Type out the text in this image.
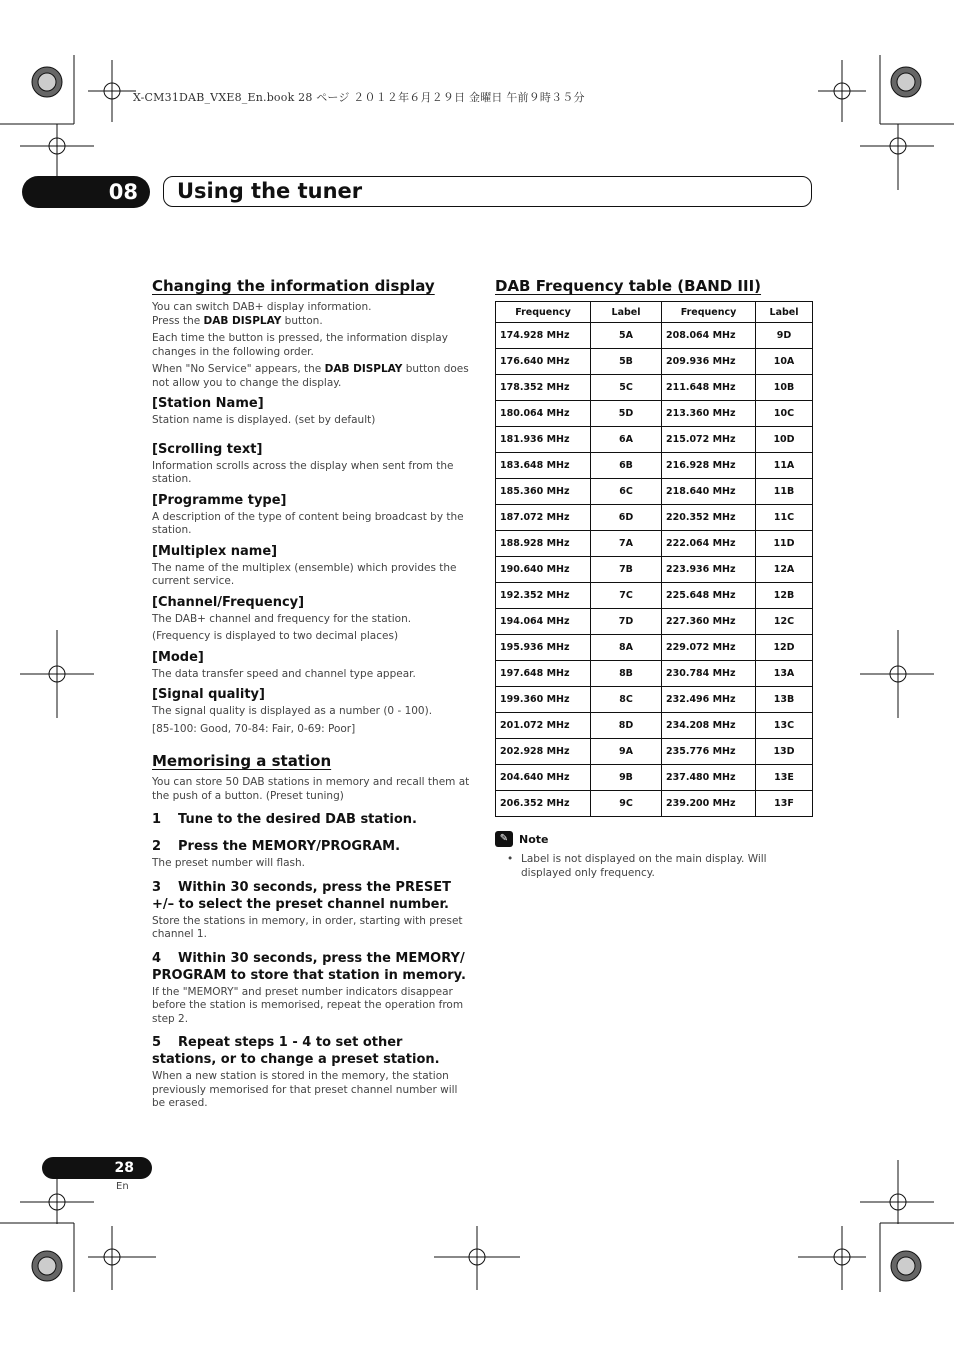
X-CM31DAB_VXE8_En.book 28 ページ ２０１２年６月２９日 金曜日 午前９時３５分
08	Using the tuner
Changing the information display

You can switch DAB+ display information.
Press the DAB DISPLAY button.

Each time the button is pressed, the information display changes in the following order.

When "No Service" appears, the DAB DISPLAY button does not allow you to change the display.

[Station Name]

Station name is displayed. (set by default)

[Scrolling text]

Information scrolls across the display when sent from the station.

[Programme type]

A description of the type of content being broadcast by the station.

[Multiplex name]

The name of the multiplex (ensemble) which provides the current service.

[Channel/Frequency]

The DAB+ channel and frequency for the station.

(Frequency is displayed to two decimal places)

[Mode]

The data transfer speed and channel type appear.

[Signal quality]

The signal quality is displayed as a number (0 - 100).

[85-100: Good, 70-84: Fair, 0-69: Poor]

Memorising a station

You can store 50 DAB stations in memory and recall them at the push of a button. (Preset tuning)

1 Tune to the desired DAB station.
2 Press the MEMORY/PROGRAM.

The preset number will flash.

3 Within 30 seconds, press the PRESET +/– to select the preset channel number.

Store the stations in memory, in order, starting with preset channel 1.

4 Within 30 seconds, press the MEMORY/ PROGRAM to store that station in memory.

If the "MEMORY" and preset number indicators disappear before the station is memorised, repeat the operation from step 2.

5 Repeat steps 1 - 4 to set other stations, or to change a preset station.

When a new station is stored in the memory, the station previously memorised for that preset channel number will be erased.

DAB Frequency table (BAND III)
Frequency	Label	Frequency	Label
174.928 MHz	5A	208.064 MHz	9D
176.640 MHz	5B	209.936 MHz	10A
178.352 MHz	5C	211.648 MHz	10B
180.064 MHz	5D	213.360 MHz	10C
181.936 MHz	6A	215.072 MHz	10D
183.648 MHz	6B	216.928 MHz	11A
185.360 MHz	6C	218.640 MHz	11B
187.072 MHz	6D	220.352 MHz	11C
188.928 MHz	7A	222.064 MHz	11D
190.640 MHz	7B	223.936 MHz	12A
192.352 MHz	7C	225.648 MHz	12B
194.064 MHz	7D	227.360 MHz	12C
195.936 MHz	8A	229.072 MHz	12D
197.648 MHz	8B	230.784 MHz	13A
199.360 MHz	8C	232.496 MHz	13B
201.072 MHz	8D	234.208 MHz	13C
202.928 MHz	9A	235.776 MHz	13D
204.640 MHz	9B	237.480 MHz	13E
206.352 MHz	9C	239.200 MHz	13F
✎ Note
• Label is not displayed on the main display. Will displayed only frequency.
28
En
